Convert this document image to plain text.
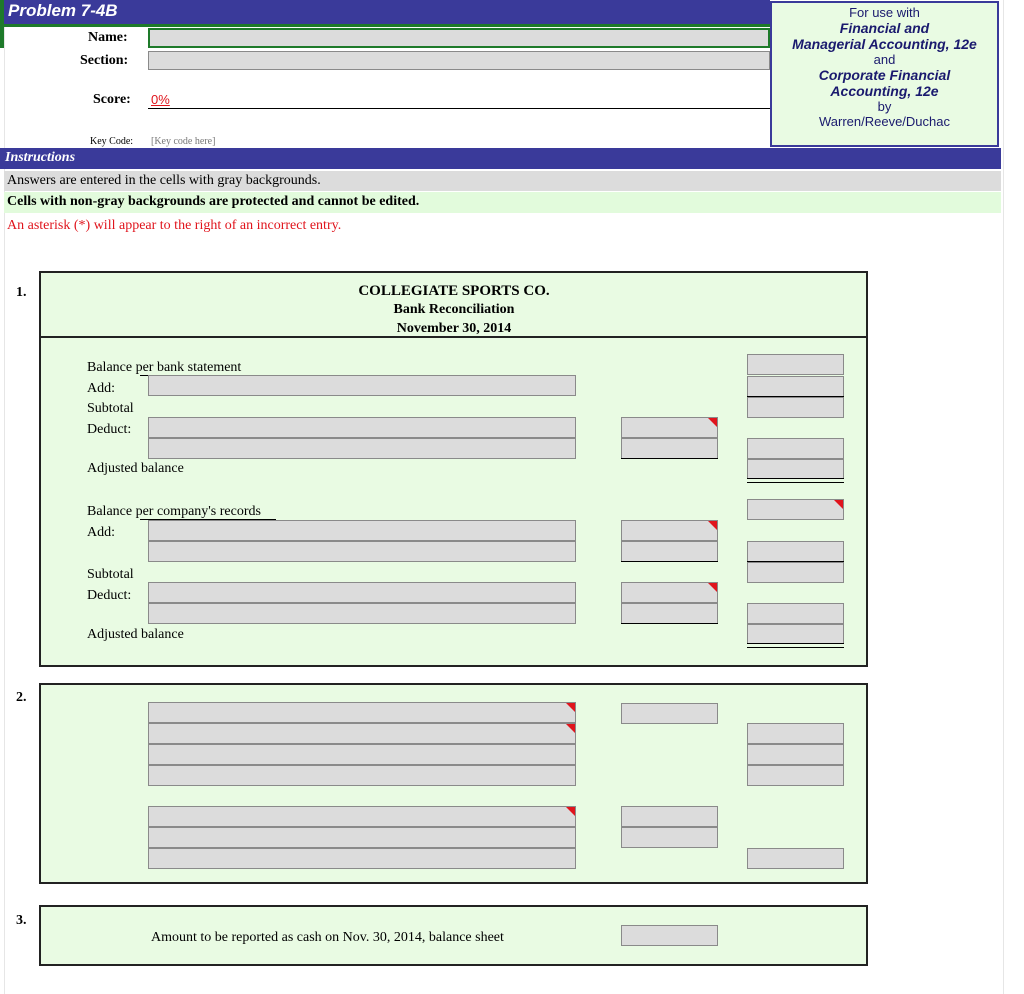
Problem 7-4B
Name:
Section:
Score: 0%
Key Code: [Key code here]
For use with
Financial and
Managerial Accounting, 12e
and
Corporate Financial
Accounting, 12e
by
Warren/Reeve/Duchac
Instructions
Answers are entered in the cells with gray backgrounds.
Cells with non-gray backgrounds are protected and cannot be edited.
An asterisk (*) will appear to the right of an incorrect entry.
1.	COLLEGIATE SPORTS CO.
Bank Reconciliation
November 30, 2014
Balance per bank statement
Add:
Subtotal
Deduct:
Adjusted balance
Balance per company's records
Add:
Subtotal
Deduct:
Adjusted balance
2.
3.
Amount to be reported as cash on Nov. 30, 2014, balance sheet
